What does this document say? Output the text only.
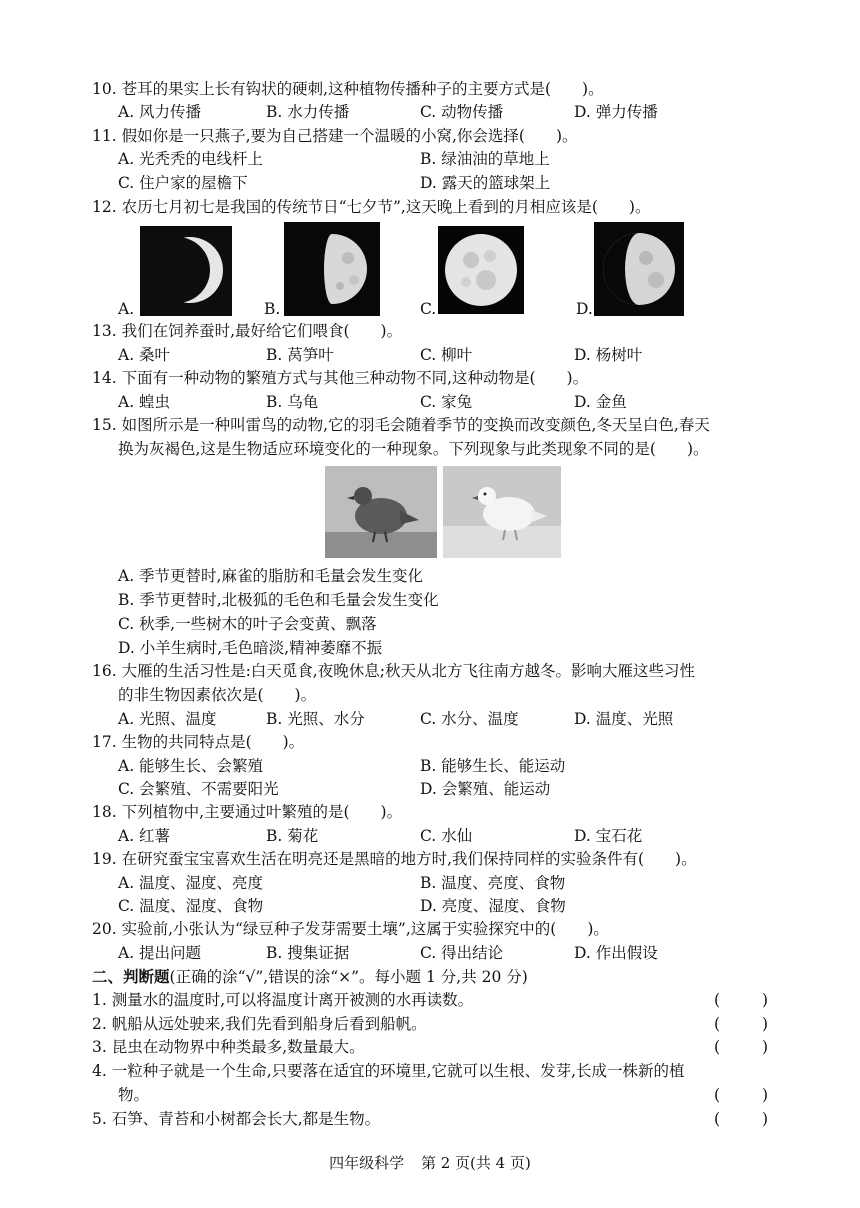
10. 苍耳的果实上长有钩状的硬刺,这种植物传播种子的主要方式是(　　)。
A. 风力传播	B. 水力传播	C. 动物传播	D. 弹力传播
11. 假如你是一只燕子,要为自己搭建一个温暖的小窝,你会选择(　　)。
A. 光秃秃的电线杆上	B. 绿油油的草地上
C. 住户家的屋檐下	D. 露天的篮球架上
12. 农历七月初七是我国的传统节日“七夕节”,这天晚上看到的月相应该是(　　)。
A.	B.	C.	D.
13. 我们在饲养蚕时,最好给它们喂食(　　)。
A. 桑叶	B. 莴笋叶	C. 柳叶	D. 杨树叶
14. 下面有一种动物的繁殖方式与其他三种动物不同,这种动物是(　　)。
A. 蝗虫	B. 乌龟	C. 家兔	D. 金鱼
15. 如图所示是一种叫雷鸟的动物,它的羽毛会随着季节的变换而改变颜色,冬天呈白色,春天
换为灰褐色,这是生物适应环境变化的一种现象。下列现象与此类现象不同的是(　　)。
A. 季节更替时,麻雀的脂肪和毛量会发生变化
B. 季节更替时,北极狐的毛色和毛量会发生变化
C. 秋季,一些树木的叶子会变黄、飘落
D. 小羊生病时,毛色暗淡,精神萎靡不振
16. 大雁的生活习性是:白天觅食,夜晚休息;秋天从北方飞往南方越冬。影响大雁这些习性
的非生物因素依次是(　　)。
A. 光照、温度	B. 光照、水分	C. 水分、温度	D. 温度、光照
17. 生物的共同特点是(　　)。
A. 能够生长、会繁殖	B. 能够生长、能运动
C. 会繁殖、不需要阳光	D. 会繁殖、能运动
18. 下列植物中,主要通过叶繁殖的是(　　)。
A. 红薯	B. 菊花	C. 水仙	D. 宝石花
19. 在研究蚕宝宝喜欢生活在明亮还是黑暗的地方时,我们保持同样的实验条件有(　　)。
A. 温度、湿度、亮度	B. 温度、亮度、食物
C. 温度、湿度、食物	D. 亮度、湿度、食物
20. 实验前,小张认为“绿豆种子发芽需要土壤”,这属于实验探究中的(　　)。
A. 提出问题	B. 搜集证据	C. 得出结论	D. 作出假设
二、判断题(正确的涂“√”,错误的涂“×”。每小题 1 分,共 20 分)
1. 测量水的温度时,可以将温度计离开被测的水再读数。	(	)
2. 帆船从远处驶来,我们先看到船身后看到船帆。	(	)
3. 昆虫在动物界中种类最多,数量最大。	(	)
4. 一粒种子就是一个生命,只要落在适宜的环境里,它就可以生根、发芽,长成一株新的植
物。	(	)
5. 石笋、青苔和小树都会长大,都是生物。	(	)
四年级科学 第 2 页(共 4 页)
